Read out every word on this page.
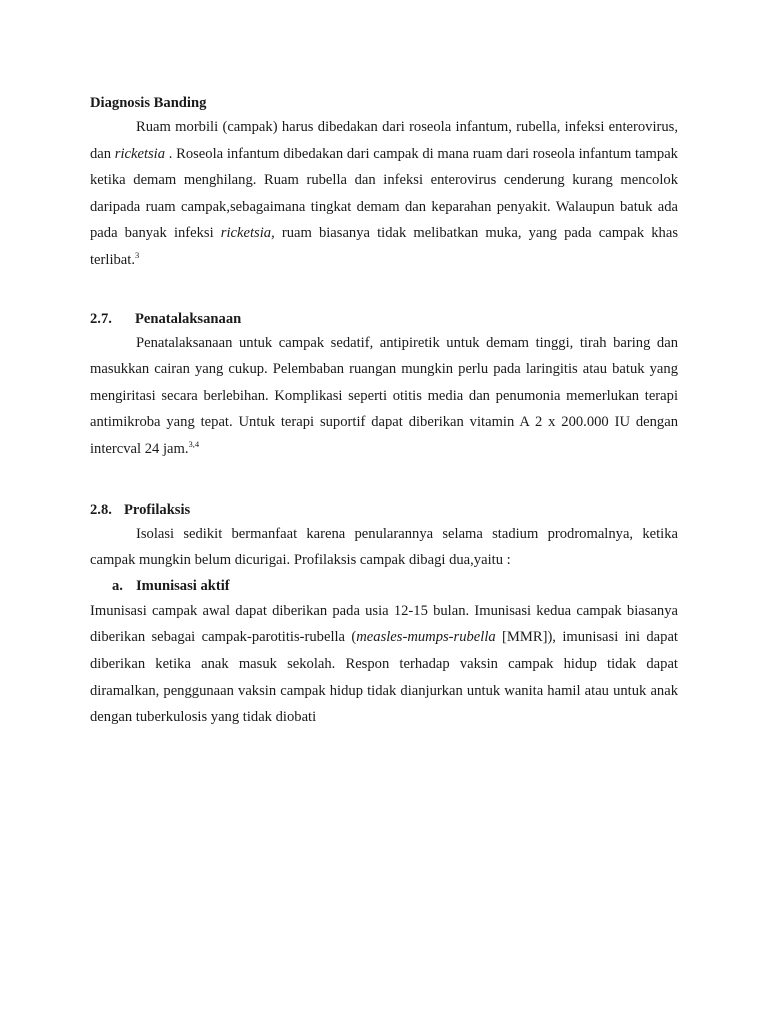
Diagnosis Banding

Ruam morbili (campak) harus dibedakan dari roseola infantum, rubella, infeksi enterovirus, dan ricketsia . Roseola infantum dibedakan dari campak di mana ruam dari roseola infantum tampak ketika demam menghilang. Ruam rubella dan infeksi enterovirus cenderung kurang mencolok daripada ruam campak,sebagaimana tingkat demam dan keparahan penyakit. Walaupun batuk ada pada banyak infeksi ricketsia, ruam biasanya tidak melibatkan muka, yang pada campak khas terlibat.$^3$

2.7. Penatalaksanaan

Penatalaksanaan untuk campak sedatif, antipiretik untuk demam tinggi, tirah baring dan masukkan cairan yang cukup. Pelembaban ruangan mungkin perlu pada laringitis atau batuk yang mengiritasi secara berlebihan. Komplikasi seperti otitis media dan penumonia memerlukan terapi antimikroba yang tepat. Untuk terapi suportif dapat diberikan vitamin A 2 x 200.000 IU dengan intercval 24 jam.$^{3,4}$

2.8. Profilaksis

Isolasi sedikit bermanfaat karena penularannya selama stadium prodromalnya, ketika campak mungkin belum dicurigai. Profilaksis campak dibagi dua,yaitu :

a. Imunisasi aktif

Imunisasi campak awal dapat diberikan pada usia 12-15 bulan. Imunisasi kedua campak biasanya diberikan sebagai campak-parotitis-rubella (measles-mumps-rubella [MMR]), imunisasi ini dapat diberikan ketika anak masuk sekolah. Respon terhadap vaksin campak hidup tidak dapat diramalkan, penggunaan vaksin campak hidup tidak dianjurkan untuk wanita hamil atau untuk anak dengan tuberkulosis yang tidak diobati
